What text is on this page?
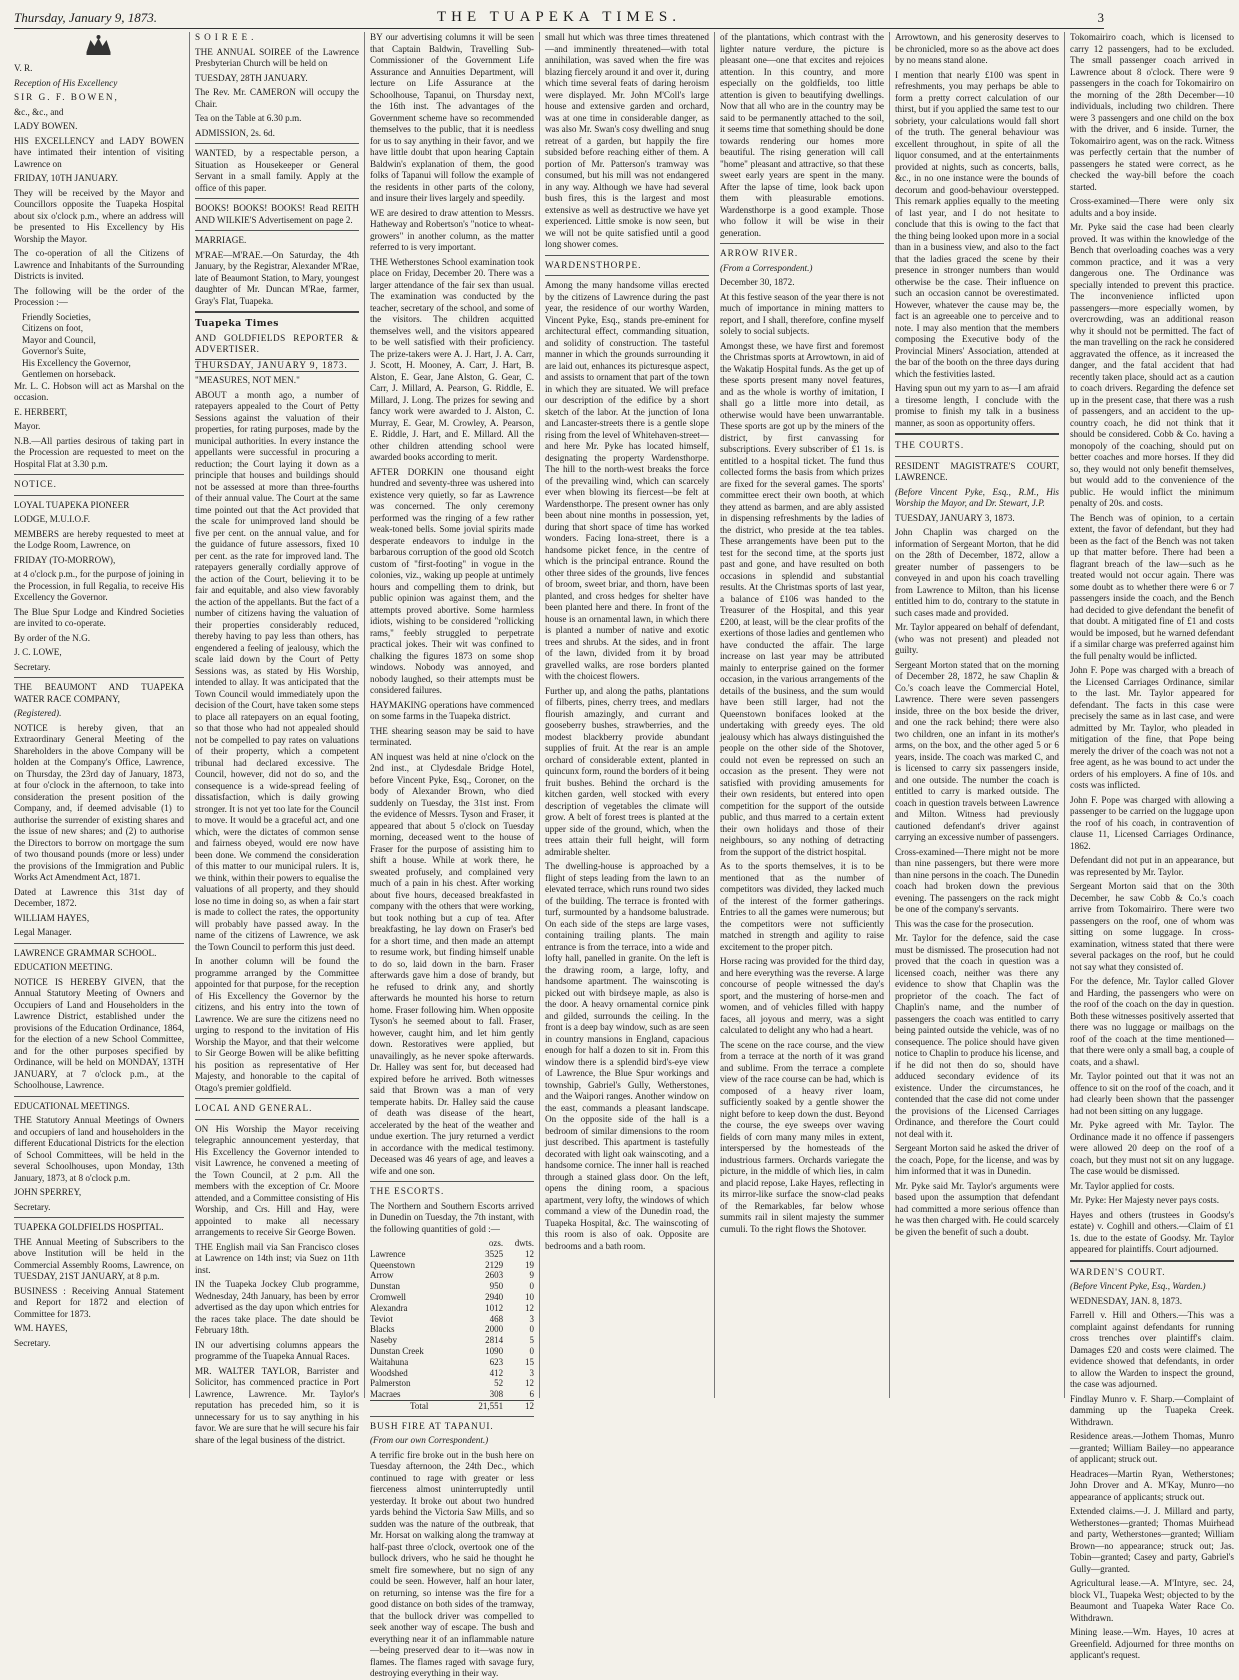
Thursday, January 9, 1873.	THE TUAPEKA TIMES.	3

V. R.

Reception of His Excellency

SIR G. F. BOWEN,

&c., &c., and

LADY BOWEN.

HIS EXCELLENCY and LADY BOWEN have intimated their intention of visiting Lawrence on

FRIDAY, 10TH JANUARY.

They will be received by the Mayor and Councillors opposite the Tuapeka Hospital about six o'clock p.m., where an address will be presented to His Excellency by His Worship the Mayor.

The co-operation of all the Citizens of Lawrence and Inhabitants of the Surrounding Districts is invited.

The following will be the order of the Procession :—

Friendly Societies,

Citizens on foot,

Mayor and Council,

Governor's Suite,

His Excellency the Governor,

Gentlemen on horseback.

Mr. L. C. Hobson will act as Marshal on the occasion.

E. HERBERT,

Mayor.

N.B.—All parties desirous of taking part in the Procession are requested to meet on the Hospital Flat at 3.30 p.m.

NOTICE.

LOYAL TUAPEKA PIONEER

LODGE, M.U.I.O.F.

MEMBERS are hereby requested to meet at the Lodge Room, Lawrence, on

FRIDAY (TO-MORROW),

at 4 o'clock p.m., for the purpose of joining in the Procession, in full Regalia, to receive His Excellency the Governor.

The Blue Spur Lodge and Kindred Societies are invited to co-operate.

By order of the N.G.

J. C. LOWE,

Secretary.

THE BEAUMONT AND TUAPEKA WATER RACE COMPANY,

(Registered).

NOTICE is hereby given, that an Extraordinary General Meeting of the Shareholders in the above Company will be holden at the Company's Office, Lawrence, on Thursday, the 23rd day of January, 1873, at four o'clock in the afternoon, to take into consideration the present position of the Company, and, if deemed advisable (1) to authorise the surrender of existing shares and the issue of new shares; and (2) to authorise the Directors to borrow on mortgage the sum of two thousand pounds (more or less) under the provisions of the Immigration and Public Works Act Amendment Act, 1871.

Dated at Lawrence this 31st day of December, 1872.

WILLIAM HAYES,

Legal Manager.

LAWRENCE GRAMMAR SCHOOL.

EDUCATION MEETING.

NOTICE IS HEREBY GIVEN, that the Annual Statutory Meeting of Owners and Occupiers of Land and Householders in the Lawrence District, established under the provisions of the Education Ordinance, 1864, for the election of a new School Committee, and for the other purposes specified by Ordinance, will be held on MONDAY, 13TH JANUARY, at 7 o'clock p.m., at the Schoolhouse, Lawrence.

EDUCATIONAL MEETINGS.

THE Statutory Annual Meetings of Owners and occupiers of land and householders in the different Educational Districts for the election of School Committees, will be held in the several Schoolhouses, upon Monday, 13th January, 1873, at 8 o'clock p.m.

JOHN SPERREY,

Secretary.

TUAPEKA GOLDFIELDS HOSPITAL.

THE Annual Meeting of Subscribers to the above Institution will be held in the Commercial Assembly Rooms, Lawrence, on TUESDAY, 21ST JANUARY, at 8 p.m.

BUSINESS : Receiving Annual Statement and Report for 1872 and election of Committee for 1873.

WM. HAYES,

Secretary.

SOIREE.

THE ANNUAL SOIREE of the Lawrence Presbyterian Church will be held on

TUESDAY, 28TH JANUARY.

The Rev. Mr. CAMERON will occupy the Chair.

Tea on the Table at 6.30 p.m.

ADMISSION, 2s. 6d.

WANTED, by a respectable person, a Situation as Housekeeper or General Servant in a small family. Apply at the office of this paper.

BOOKS! BOOKS! BOOKS! Read REITH AND WILKIE'S Advertisement on page 2.

MARRIAGE.

M'RAE—M'RAE.—On Saturday, the 4th January, by the Registrar, Alexander M'Rae, late of Beaumont Station, to Mary, youngest daughter of Mr. Duncan M'Rae, farmer, Gray's Flat, Tuapeka.

Tuapeka Times

AND GOLDFIELDS REPORTER & ADVERTISER.

THURSDAY, JANUARY 9, 1873.

"MEASURES, NOT MEN."

ABOUT a month ago, a number of ratepayers appealed to the Court of Petty Sessions against the valuation of their properties, for rating purposes, made by the municipal authorities. In every instance the appellants were successful in procuring a reduction; the Court laying it down as a principle that houses and buildings should not be assessed at more than three-fourths of their annual value. The Court at the same time pointed out that the Act provided that the scale for unimproved land should be five per cent. on the annual value, and for the guidance of future assessors, fixed 10 per cent. as the rate for improved land. The ratepayers generally cordially approve of the action of the Court, believing it to be fair and equitable, and also view favorably the action of the appellants. But the fact of a number of citizens having the valuation of their properties considerably reduced, thereby having to pay less than others, has engendered a feeling of jealousy, which the scale laid down by the Court of Petty Sessions was, as stated by His Worship, intended to allay. It was anticipated that the Town Council would immediately upon the decision of the Court, have taken some steps to place all ratepayers on an equal footing, so that those who had not appealed should not be compelled to pay rates on valuations of their property, which a competent tribunal had declared excessive. The Council, however, did not do so, and the consequence is a wide-spread feeling of dissatisfaction, which is daily growing stronger. It is not yet too late for the Council to move. It would be a graceful act, and one which, were the dictates of common sense and fairness obeyed, would ere now have been done. We commend the consideration of this matter to our municipal rulers. It is, we think, within their powers to equalise the valuations of all property, and they should lose no time in doing so, as when a fair start is made to collect the rates, the opportunity will probably have passed away. In the name of the citizens of Lawrence, we ask the Town Council to perform this just deed.

In another column will be found the programme arranged by the Committee appointed for that purpose, for the reception of His Excellency the Governor by the citizens, and his entry into the town of Lawrence. We are sure the citizens need no urging to respond to the invitation of His Worship the Mayor, and that their welcome to Sir George Bowen will be alike befitting his position as representative of Her Majesty, and honorable to the capital of Otago's premier goldfield.

LOCAL AND GENERAL.

ON His Worship the Mayor receiving telegraphic announcement yesterday, that His Excellency the Governor intended to visit Lawrence, he convened a meeting of the Town Council, at 2 p.m. All the members with the exception of Cr. Moore attended, and a Committee consisting of His Worship, and Crs. Hill and Hay, were appointed to make all necessary arrangements to receive Sir George Bowen.

THE English mail via San Francisco closes at Lawrence on 14th inst; via Suez on 11th inst.

IN the Tuapeka Jockey Club programme, Wednesday, 24th January, has been by error advertised as the day upon which entries for the races take place. The date should be February 18th.

IN our advertising columns appears the programme of the Tuapeka Annual Races.

MR. WALTER TAYLOR, Barrister and Solicitor, has commenced practice in Port Lawrence, Lawrence. Mr. Taylor's reputation has preceded him, so it is unnecessary for us to say anything in his favor. We are sure that he will secure his fair share of the legal business of the district.

BY our advertising columns it will be seen that Captain Baldwin, Travelling Sub-Commissioner of the Government Life Assurance and Annuities Department, will lecture on Life Assurance at the Schoolhouse, Tapanui, on Thursday next, the 16th inst. The advantages of the Government scheme have so recommended themselves to the public, that it is needless for us to say anything in their favor, and we have little doubt that upon hearing Captain Baldwin's explanation of them, the good folks of Tapanui will follow the example of the residents in other parts of the colony, and insure their lives largely and speedily.

WE are desired to draw attention to Messrs. Hatheway and Robertson's "notice to wheat-growers" in another column, as the matter referred to is very important.

THE Wetherstones School examination took place on Friday, December 20. There was a larger attendance of the fair sex than usual. The examination was conducted by the teacher, secretary of the school, and some of the visitors. The children acquitted themselves well, and the visitors appeared to be well satisfied with their proficiency. The prize-takers were A. J. Hart, J. A. Carr, J. Scott, H. Mooney, A. Carr, J. Hart, B. Alston, E. Gear, Jane Alston, G. Gear, C. Carr, J. Millard, A. Pearson, G. Riddle, E. Millard, J. Long. The prizes for sewing and fancy work were awarded to J. Alston, C. Murray, E. Gear, M. Crowley, A. Pearson, E. Riddle, J. Hart, and E. Millard. All the other children attending school were awarded books according to merit.

AFTER DORKIN one thousand eight hundred and seventy-three was ushered into existence very quietly, so far as Lawrence was concerned. The only ceremony performed was the ringing of a few rather weak-toned bells. Some jovial spirits made desperate endeavors to indulge in the barbarous corruption of the good old Scotch custom of "first-footing" in vogue in the colonies, viz., waking up people at untimely hours and compelling them to drink, but public opinion was against them, and the attempts proved abortive. Some harmless idiots, wishing to be considered "rollicking rams," feebly struggled to perpetrate practical jokes. Their wit was confined to chalking the figures 1873 on some shop windows. Nobody was annoyed, and nobody laughed, so their attempts must be considered failures.

HAYMAKING operations have commenced on some farms in the Tuapeka district.

THE shearing season may be said to have terminated.

AN inquest was held at nine o'clock on the 2nd inst., at Clydesdale Bridge Hotel, before Vincent Pyke, Esq., Coroner, on the body of Alexander Brown, who died suddenly on Tuesday, the 31st inst. From the evidence of Messrs. Tyson and Fraser, it appeared that about 5 o'clock on Tuesday morning, deceased went to the house of Fraser for the purpose of assisting him to shift a house. While at work there, he sweated profusely, and complained very much of a pain in his chest. After working about five hours, deceased breakfasted in company with the others that were working, but took nothing but a cup of tea. After breakfasting, he lay down on Fraser's bed for a short time, and then made an attempt to resume work, but finding himself unable to do so, laid down in the barn. Fraser afterwards gave him a dose of brandy, but he refused to drink any, and shortly afterwards he mounted his horse to return home. Fraser following him. When opposite Tyson's he seemed about to fall. Fraser, however, caught him, and let him gently down. Restoratives were applied, but unavailingly, as he never spoke afterwards. Dr. Halley was sent for, but deceased had expired before he arrived. Both witnesses said that Brown was a man of very temperate habits. Dr. Halley said the cause of death was disease of the heart, accelerated by the heat of the weather and undue exertion. The jury returned a verdict in accordance with the medical testimony. Deceased was 46 years of age, and leaves a wife and one son.

THE ESCORTS.

The Northern and Southern Escorts arrived in Dunedin on Tuesday, the 7th instant, with the following quantities of gold :—

	ozs.	dwts.
Lawrence	3525	12
Queenstown	2129	19
Arrow	2603	9
Dunstan	950	0
Cromwell	2940	10
Alexandra	1012	12
Teviot	468	3
Blacks	2000	0
Naseby	2814	5
Dunstan Creek	1090	0
Waitahuna	623	15
Woodshed	412	3
Palmerston	52	12
Macraes	308	6
Total	21,551	12

BUSH FIRE AT TAPANUI.

(From our own Correspondent.)

A terrific fire broke out in the bush here on Tuesday afternoon, the 24th Dec., which continued to rage with greater or less fierceness almost uninterruptedly until yesterday. It broke out about two hundred yards behind the Victoria Saw Mills, and so sudden was the nature of the outbreak, that Mr. Horsat on walking along the tramway at half-past three o'clock, overtook one of the bullock drivers, who he said he thought he smelt fire somewhere, but no sign of any could be seen. However, half an hour later, on returning, so intense was the fire for a good distance on both sides of the tramway, that the bullock driver was compelled to seek another way of escape. The bush and everything near it of an inflammable nature—being preserved dear to it—was now in flames. The flames raged with savage fury, destroying everything in their way.

small hut which was three times threatened—and imminently threatened—with total annihilation, was saved when the fire was blazing fiercely around it and over it, during which time several feats of daring heroism were displayed. Mr. John M'Coll's large house and extensive garden and orchard, was at one time in considerable danger, as was also Mr. Swan's cosy dwelling and snug retreat of a garden, but happily the fire subsided before reaching either of them. A portion of Mr. Patterson's tramway was consumed, but his mill was not endangered in any way. Although we have had several bush fires, this is the largest and most extensive as well as destructive we have yet experienced. Little smoke is now seen, but we will not be quite satisfied until a good long shower comes.

WARDENSTHORPE.

Among the many handsome villas erected by the citizens of Lawrence during the past year, the residence of our worthy Warden, Vincent Pyke, Esq., stands pre-eminent for architectural effect, commanding situation, and solidity of construction. The tasteful manner in which the grounds surrounding it are laid out, enhances its picturesque aspect, and assists to ornament that part of the town in which they are situated. We will preface our description of the edifice by a short sketch of the labor. At the junction of Iona and Lancaster-streets there is a gentle slope rising from the level of Whitehaven-street—and here Mr. Pyke has located himself, designating the property Wardensthorpe. The hill to the north-west breaks the force of the prevailing wind, which can scarcely ever when blowing its fiercest—be felt at Wardensthorpe. The present owner has only been about nine months in possession, yet, during that short space of time has worked wonders. Facing Iona-street, there is a handsome picket fence, in the centre of which is the principal entrance. Round the other three sides of the grounds, live fences of broom, sweet briar, and thorn, have been planted, and cross hedges for shelter have been planted here and there. In front of the house is an ornamental lawn, in which there is planted a number of native and exotic trees and shrubs. At the sides, and in front of the lawn, divided from it by broad gravelled walks, are rose borders planted with the choicest flowers.

Further up, and along the paths, plantations of filberts, pines, cherry trees, and medlars flourish amazingly, and currant and gooseberry bushes, strawberries, and the modest blackberry provide abundant supplies of fruit. At the rear is an ample orchard of considerable extent, planted in quincunx form, round the borders of it being fruit bushes. Behind the orchard is the kitchen garden, well stocked with every description of vegetables the climate will grow. A belt of forest trees is planted at the upper side of the ground, which, when the trees attain their full height, will form admirable shelter.

The dwelling-house is approached by a flight of steps leading from the lawn to an elevated terrace, which runs round two sides of the building. The terrace is fronted with turf, surmounted by a handsome balustrade. On each side of the steps are large vases, containing trailing plants. The main entrance is from the terrace, into a wide and lofty hall, panelled in granite. On the left is the drawing room, a large, lofty, and handsome apartment. The wainscoting is picked out with birdseye maple, as also is the door. A heavy ornamental cornice pink and gilded, surrounds the ceiling. In the front is a deep bay window, such as are seen in country mansions in England, capacious enough for half a dozen to sit in. From this window there is a splendid bird's-eye view of Lawrence, the Blue Spur workings and township, Gabriel's Gully, Wetherstones, and the Waipori ranges. Another window on the east, commands a pleasant landscape. On the opposite side of the hall is a bedroom of similar dimensions to the room just described. This apartment is tastefully decorated with light oak wainscoting, and a handsome cornice. The inner hall is reached through a stained glass door. On the left, opens the dining room, a spacious apartment, very lofty, the windows of which command a view of the Dunedin road, the Tuapeka Hospital, &c. The wainscoting of this room is also of oak. Opposite are bedrooms and a bath room.

of the plantations, which contrast with the lighter nature verdure, the picture is pleasant one—one that excites and rejoices attention. In this country, and more especially on the goldfields, too little attention is given to beautifying dwellings. Now that all who are in the country may be said to be permanently attached to the soil, it seems time that something should be done towards rendering our homes more beautiful. The rising generation will call "home" pleasant and attractive, so that these sweet early years are spent in the many. After the lapse of time, look back upon them with pleasurable emotions. Wardensthorpe is a good example. Those who follow it will be wise in their generation.

ARROW RIVER.

(From a Correspondent.)

December 30, 1872.

At this festive season of the year there is not much of importance in mining matters to report, and I shall, therefore, confine myself solely to social subjects.

Amongst these, we have first and foremost the Christmas sports at Arrowtown, in aid of the Wakatip Hospital funds. As the get up of these sports present many novel features, and as the whole is worthy of imitation, I shall go a little more into detail, as otherwise would have been unwarrantable. These sports are got up by the miners of the district, by first canvassing for subscriptions. Every subscriber of £1 1s. is entitled to a hospital ticket. The fund thus collected forms the basis from which prizes are fixed for the several games. The sports' committee erect their own booth, at which they attend as barmen, and are ably assisted in dispensing refreshments by the ladies of the district, who preside at the tea tables. These arrangements have been put to the test for the second time, at the sports just past and gone, and have resulted on both occasions in splendid and substantial results. At the Christmas sports of last year, a balance of £106 was handed to the Treasurer of the Hospital, and this year £200, at least, will be the clear profits of the exertions of those ladies and gentlemen who have conducted the affair. The large increase on last year may be attributed mainly to enterprise gained on the former occasion, in the various arrangements of the details of the business, and the sum would have been still larger, had not the Queenstown bonifaces looked at the undertaking with greedy eyes. The old jealousy which has always distinguished the people on the other side of the Shotover, could not even be repressed on such an occasion as the present. They were not satisfied with providing amusements for their own residents, but entered into open competition for the support of the outside public, and thus marred to a certain extent their own holidays and those of their neighbours, so any nothing of detracting from the support of the district hospital.

As to the sports themselves, it is to be mentioned that as the number of competitors was divided, they lacked much of the interest of the former gatherings. Entries to all the games were numerous; but the competitors were not sufficiently matched in strength and agility to raise excitement to the proper pitch.

Horse racing was provided for the third day, and here everything was the reverse. A large concourse of people witnessed the day's sport, and the mustering of horse-men and women, and of vehicles filled with happy faces, all joyous and merry, was a sight calculated to delight any who had a heart.

The scene on the race course, and the view from a terrace at the north of it was grand and sublime. From the terrace a complete view of the race course can be had, which is composed of a heavy river loam, sufficiently soaked by a gentle shower the night before to keep down the dust. Beyond the course, the eye sweeps over waving fields of corn many many miles in extent, interspersed by the homesteads of the industrious farmers. Orchards variegate the picture, in the middle of which lies, in calm and placid repose, Lake Hayes, reflecting in its mirror-like surface the snow-clad peaks of the Remarkables, far below whose summits rail in silent majesty the summer cumuli. To the right flows the Shotover.

Arrowtown, and his generosity deserves to be chronicled, more so as the above act does by no means stand alone.

I mention that nearly £100 was spent in refreshments, you may perhaps be able to form a pretty correct calculation of our thirst, but if you applied the same test to our sobriety, your calculations would fall short of the truth. The general behaviour was excellent throughout, in spite of all the liquor consumed, and at the entertainments provided at nights, such as concerts, balls, &c., in no one instance were the bounds of decorum and good-behaviour overstepped. This remark applies equally to the meeting of last year, and I do not hesitate to conclude that this is owing to the fact that the thing being looked upon more in a social than in a business view, and also to the fact that the ladies graced the scene by their presence in stronger numbers than would otherwise be the case. Their influence on such an occasion cannot be overestimated. However, whatever the cause may be, the fact is an agreeable one to perceive and to note. I may also mention that the members composing the Executive body of the Provincial Miners' Association, attended at the bar of the booth on the three days during which the festivities lasted.

Having spun out my yarn to as—I am afraid a tiresome length, I conclude with the promise to finish my talk in a business manner, as soon as opportunity offers.

THE COURTS.

RESIDENT MAGISTRATE'S COURT, LAWRENCE.

(Before Vincent Pyke, Esq., R.M., His Worship the Mayor, and Dr. Stewart, J.P.

TUESDAY, JANUARY 3, 1873.

John Chaplin was charged on the information of Sergeant Morton, that he did on the 28th of December, 1872, allow a greater number of passengers to be conveyed in and upon his coach travelling from Lawrence to Milton, than his license entitled him to do, contrary to the statute in such cases made and provided.

Mr. Taylor appeared on behalf of defendant, (who was not present) and pleaded not guilty.

Sergeant Morton stated that on the morning of December 28, 1872, he saw Chaplin & Co.'s coach leave the Commercial Hotel, Lawrence. There were seven passengers inside, three on the box beside the driver, and one the rack behind; there were also two children, one an infant in its mother's arms, on the box, and the other aged 5 or 6 years, inside. The coach was marked C, and is licensed to carry six passengers inside, and one outside. The number the coach is entitled to carry is marked outside. The coach in question travels between Lawrence and Milton. Witness had previously cautioned defendant's driver against carrying an excessive number of passengers.

Cross-examined—There might not be more than nine passengers, but there were more than nine persons in the coach. The Dunedin coach had broken down the previous evening. The passengers on the rack might be one of the company's servants.

This was the case for the prosecution.

Mr. Taylor for the defence, said the case must be dismissed. The prosecution had not proved that the coach in question was a licensed coach, neither was there any evidence to show that Chaplin was the proprietor of the coach. The fact of Chaplin's name, and the number of passengers the coach was entitled to carry being painted outside the vehicle, was of no consequence. The police should have given notice to Chaplin to produce his license, and if he did not then do so, should have adduced secondary evidence of its existence. Under the circumstances, he contended that the case did not come under the provisions of the Licensed Carriages Ordinance, and therefore the Court could not deal with it.

Sergeant Morton said he asked the driver of the coach, Pope, for the license, and was by him informed that it was in Dunedin.

Mr. Pyke said Mr. Taylor's arguments were based upon the assumption that defendant had committed a more serious offence than he was then charged with. He could scarcely be given the benefit of such a doubt.

Tokomairiro coach, which is licensed to carry 12 passengers, had to be excluded. The small passenger coach arrived in Lawrence about 8 o'clock. There were 9 passengers in the coach for Tokomairiro on the morning of the 28th December—10 individuals, including two children. There were 3 passengers and one child on the box with the driver, and 6 inside. Turner, the Tokomairiro agent, was on the rack. Witness was perfectly certain that the number of passengers he stated were correct, as he checked the way-bill before the coach started.

Cross-examined—There were only six adults and a boy inside.

Mr. Pyke said the case had been clearly proved. It was within the knowledge of the Bench that overloading coaches was a very common practice, and it was a very dangerous one. The Ordinance was specially intended to prevent this practice. The inconvenience inflicted upon passengers—more especially women, by overcrowding, was an additional reason why it should not be permitted. The fact of the man travelling on the rack he considered aggravated the offence, as it increased the danger, and the fatal accident that had recently taken place, should act as a caution to coach drivers. Regarding the defence set up in the present case, that there was a rush of passengers, and an accident to the up-country coach, he did not think that it should be considered. Cobb & Co. having a monopoly of the coaching, should put on better coaches and more horses. If they did so, they would not only benefit themselves, but would add to the convenience of the public. He would inflict the minimum penalty of 20s. and costs.

The Bench was of opinion, to a certain extent, the favor of defendant, but they had been as the fact of the Bench was not taken up that matter before. There had been a flagrant breach of the law—such as he treated would not occur again. There was some doubt as to whether there were 6 or 7 passengers inside the coach, and the Bench had decided to give defendant the benefit of that doubt. A mitigated fine of £1 and costs would be imposed, but he warned defendant if a similar charge was preferred against him the full penalty would be inflicted.

John F. Pope was charged with a breach of the Licensed Carriages Ordinance, similar to the last. Mr. Taylor appeared for defendant. The facts in this case were precisely the same as in last case, and were admitted by Mr. Taylor, who pleaded in mitigation of the fine, that Pope being merely the driver of the coach was not not a free agent, as he was bound to act under the orders of his employers. A fine of 10s. and costs was inflicted.

John F. Pope was charged with allowing a passenger to be carried on the luggage upon the roof of his coach, in contravention of clause 11, Licensed Carriages Ordinance, 1862.

Defendant did not put in an appearance, but was represented by Mr. Taylor.

Sergeant Morton said that on the 30th December, he saw Cobb & Co.'s coach arrive from Tokomairiro. There were two passengers on the roof, one of whom was sitting on some luggage. In cross-examination, witness stated that there were several packages on the roof, but he could not say what they consisted of.

For the defence, Mr. Taylor called Glover and Harding, the passengers who were on the roof of the coach on the day in question. Both these witnesses positively asserted that there was no luggage or mailbags on the roof of the coach at the time mentioned—that there were only a small bag, a couple of coats, and a shawl.

Mr. Taylor pointed out that it was not an offence to sit on the roof of the coach, and it had clearly been shown that the passenger had not been sitting on any luggage.

Mr. Pyke agreed with Mr. Taylor. The Ordinance made it no offence if passengers were allowed 20 deep on the roof of a coach, but they must not sit on any luggage. The case would be dismissed.

Mr. Taylor applied for costs.

Mr. Pyke: Her Majesty never pays costs.

Hayes and others (trustees in Goodsy's estate) v. Coghill and others.—Claim of £1 1s. due to the estate of Goodsy. Mr. Taylor appeared for plaintiffs. Court adjourned.

WARDEN'S COURT.

(Before Vincent Pyke, Esq., Warden.)

WEDNESDAY, JAN. 8, 1873.

Farrell v. Hill and Others.—This was a complaint against defendants for running cross trenches over plaintiff's claim. Damages £20 and costs were claimed. The evidence showed that defendants, in order to allow the Warden to inspect the ground, the case was adjourned.

Findlay Munro v. F. Sharp.—Complaint of damming up the Tuapeka Creek. Withdrawn.

Residence areas.—Jothem Thomas, Munro—granted; William Bailey—no appearance of applicant; struck out.

Headraces—Martin Ryan, Wetherstones; John Drover and A. M'Kay, Munro—no appearance of applicants; struck out.

Extended claims.—J. J. Millard and party, Wetherstones—granted; Thomas Muirhead and party, Wetherstones—granted; William Brown—no appearance; struck out; Jas. Tobin—granted; Casey and party, Gabriel's Gully—granted.

Agricultural lease.—A. M'Intyre, sec. 24, block VI., Tuapeka West; objected to by the Beaumont and Tuapeka Water Race Co. Withdrawn.

Mining lease.—Wm. Hayes, 10 acres at Greenfield. Adjourned for three months on applicant's request.
